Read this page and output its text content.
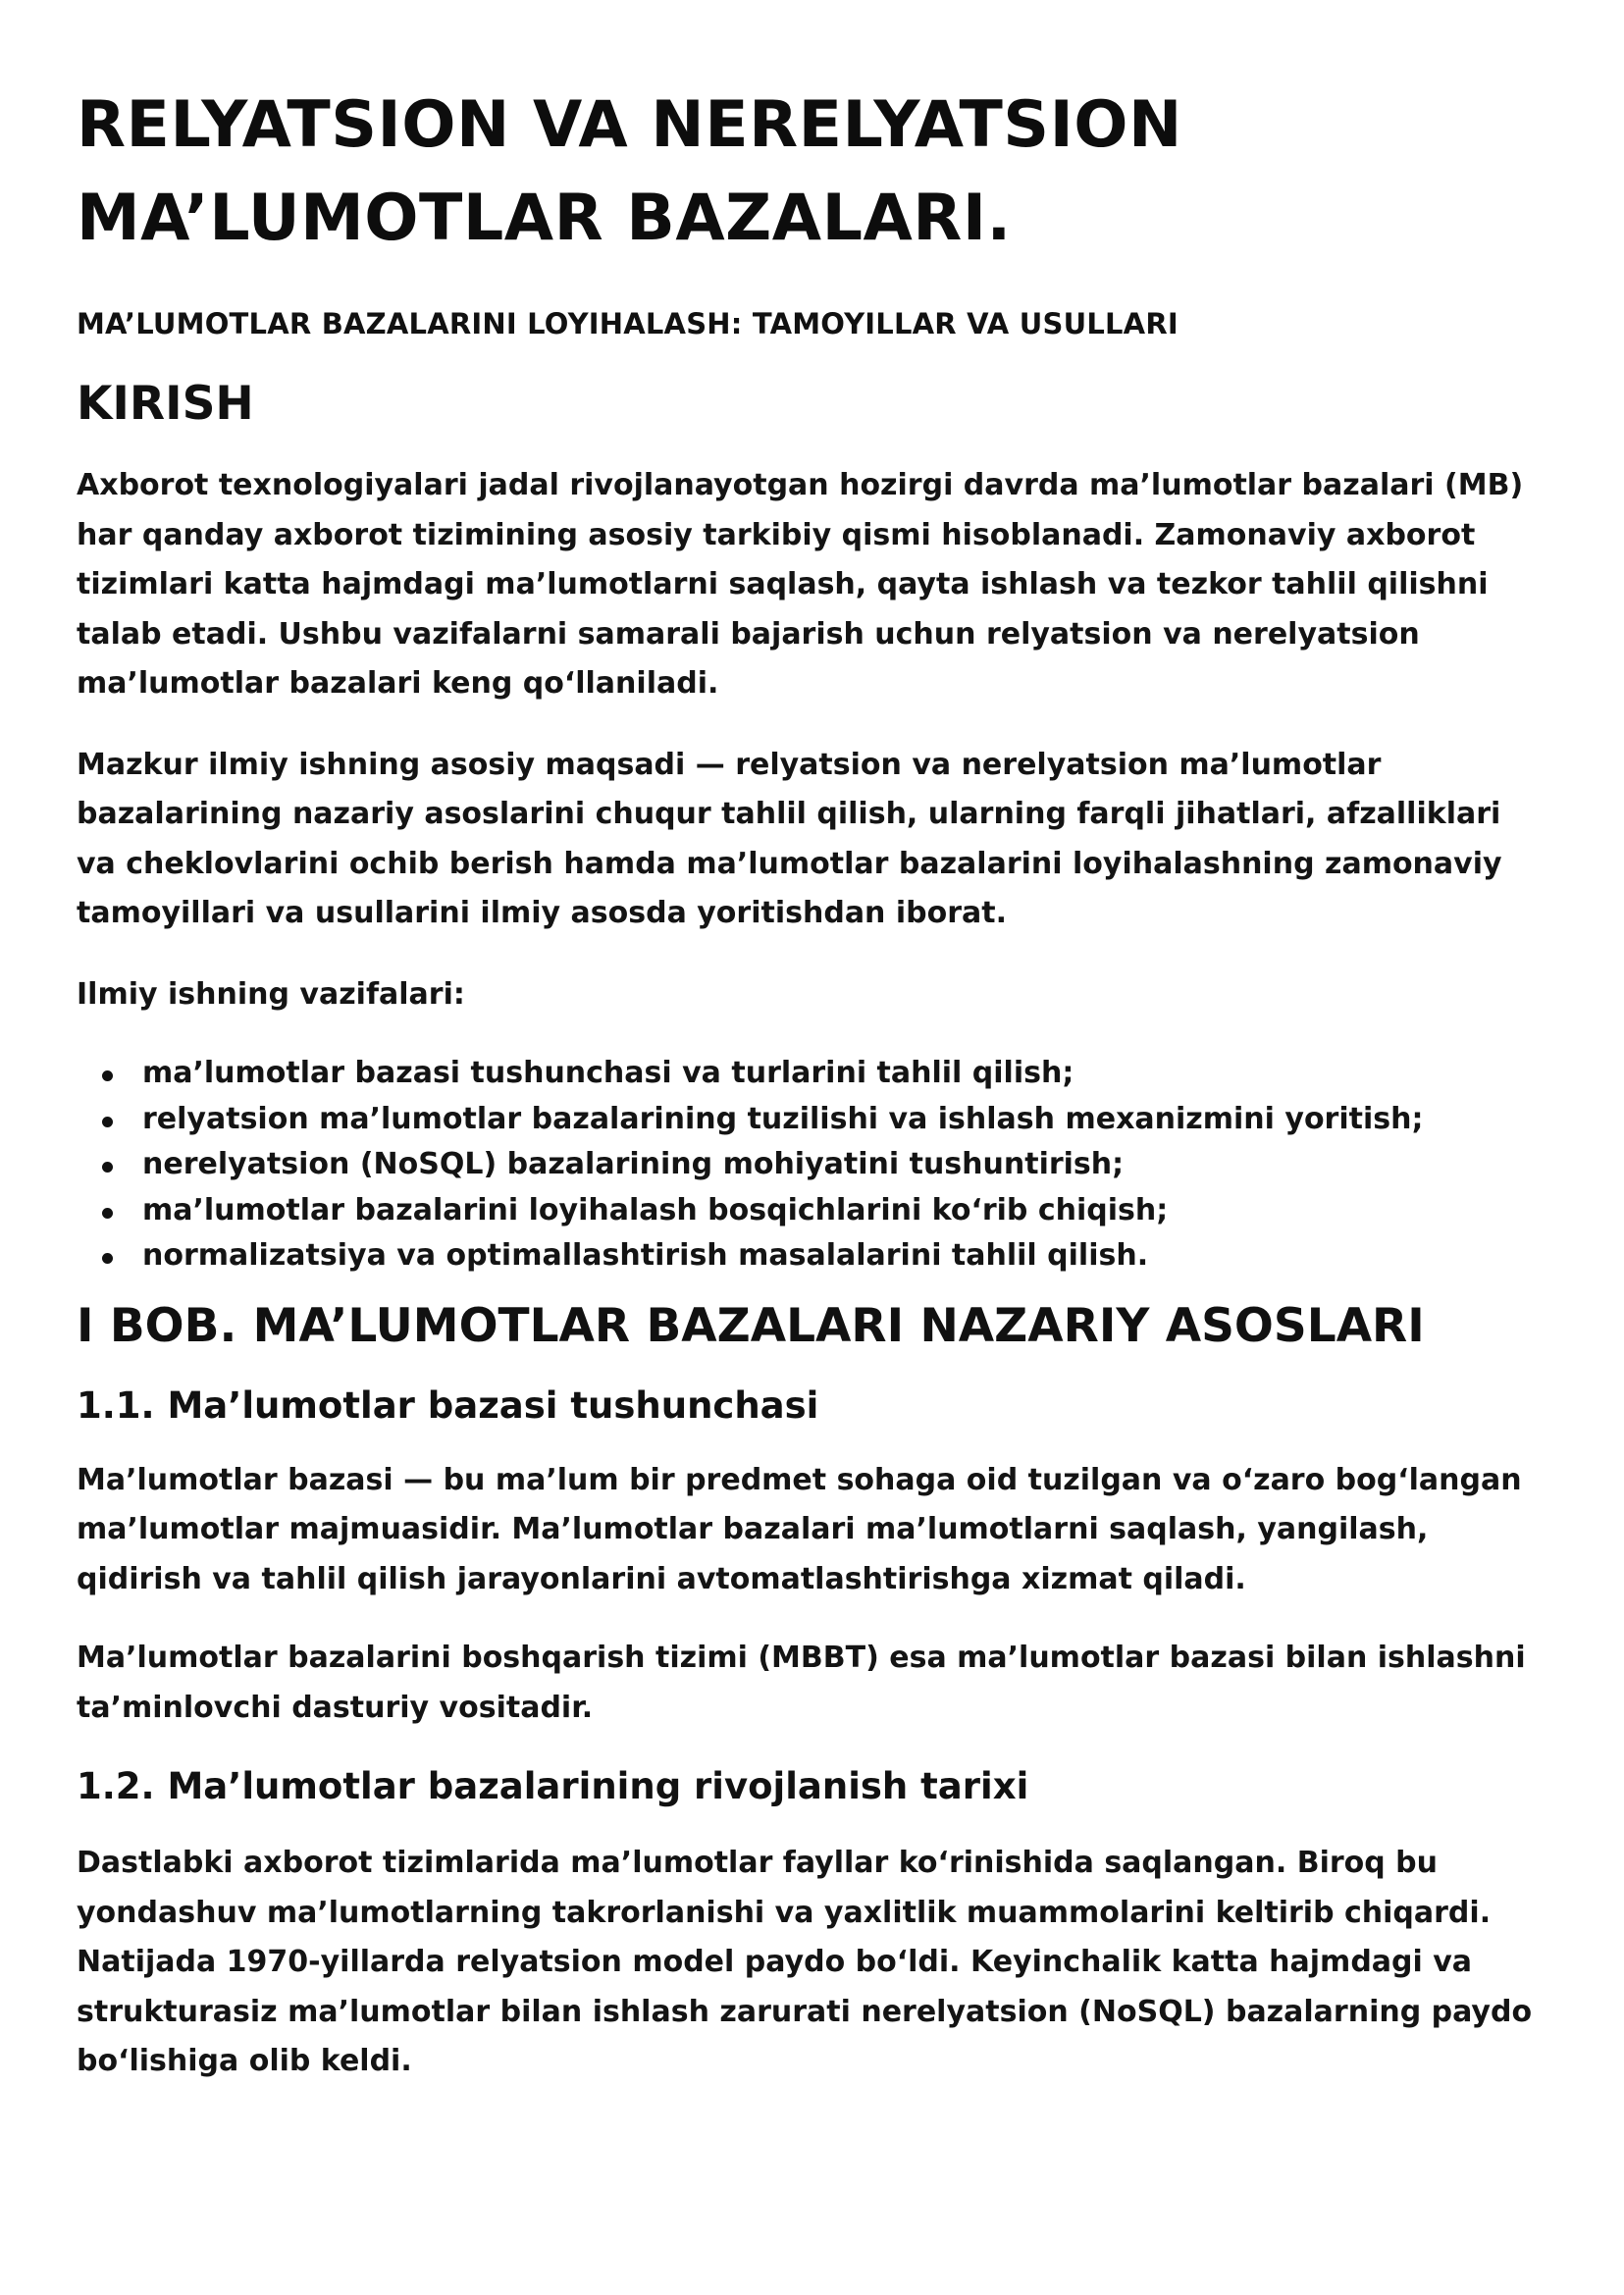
RELYATSION VA NERELYATSION MA’LUMOTLAR BAZALARI.
MA’LUMOTLAR BAZALARINI LOYIHALASH: TAMOYILLAR VA USULLARI
KIRISH

Axborot texnologiyalari jadal rivojlanayotgan hozirgi davrda ma’lumotlar bazalari (MB) har qanday axborot tizimining asosiy tarkibiy qismi hisoblanadi. Zamonaviy axborot tizimlari katta hajmdagi ma’lumotlarni saqlash, qayta ishlash va tezkor tahlil qilishni talab etadi. Ushbu vazifalarni samarali bajarish uchun relyatsion va nerelyatsion ma’lumotlar bazalari keng qo‘llaniladi.

Mazkur ilmiy ishning asosiy maqsadi — relyatsion va nerelyatsion ma’lumotlar bazalarining nazariy asoslarini chuqur tahlil qilish, ularning farqli jihatlari, afzalliklari va cheklovlarini ochib berish hamda ma’lumotlar bazalarini loyihalashning zamonaviy tamoyillari va usullarini ilmiy asosda yoritishdan iborat.

Ilmiy ishning vazifalari:

ma’lumotlar bazasi tushunchasi va turlarini tahlil qilish;
relyatsion ma’lumotlar bazalarining tuzilishi va ishlash mexanizmini yoritish;
nerelyatsion (NoSQL) bazalarining mohiyatini tushuntirish;
ma’lumotlar bazalarini loyihalash bosqichlarini ko‘rib chiqish;
normalizatsiya va optimallashtirish masalalarini tahlil qilish.
I BOB. MA’LUMOTLAR BAZALARI NAZARIY ASOSLARI
1.1. Ma’lumotlar bazasi tushunchasi

Ma’lumotlar bazasi — bu ma’lum bir predmet sohaga oid tuzilgan va o‘zaro bog‘langan ma’lumotlar majmuasidir. Ma’lumotlar bazalari ma’lumotlarni saqlash, yangilash, qidirish va tahlil qilish jarayonlarini avtomatlashtirishga xizmat qiladi.

Ma’lumotlar bazalarini boshqarish tizimi (MBBT) esa ma’lumotlar bazasi bilan ishlashni ta’minlovchi dasturiy vositadir.

1.2. Ma’lumotlar bazalarining rivojlanish tarixi

Dastlabki axborot tizimlarida ma’lumotlar fayllar ko‘rinishida saqlangan. Biroq bu yondashuv ma’lumotlarning takrorlanishi va yaxlitlik muammolarini keltirib chiqardi. Natijada 1970-yillarda relyatsion model paydo bo‘ldi. Keyinchalik katta hajmdagi va strukturasiz ma’lumotlar bilan ishlash zarurati nerelyatsion (NoSQL) bazalarning paydo bo‘lishiga olib keldi.
